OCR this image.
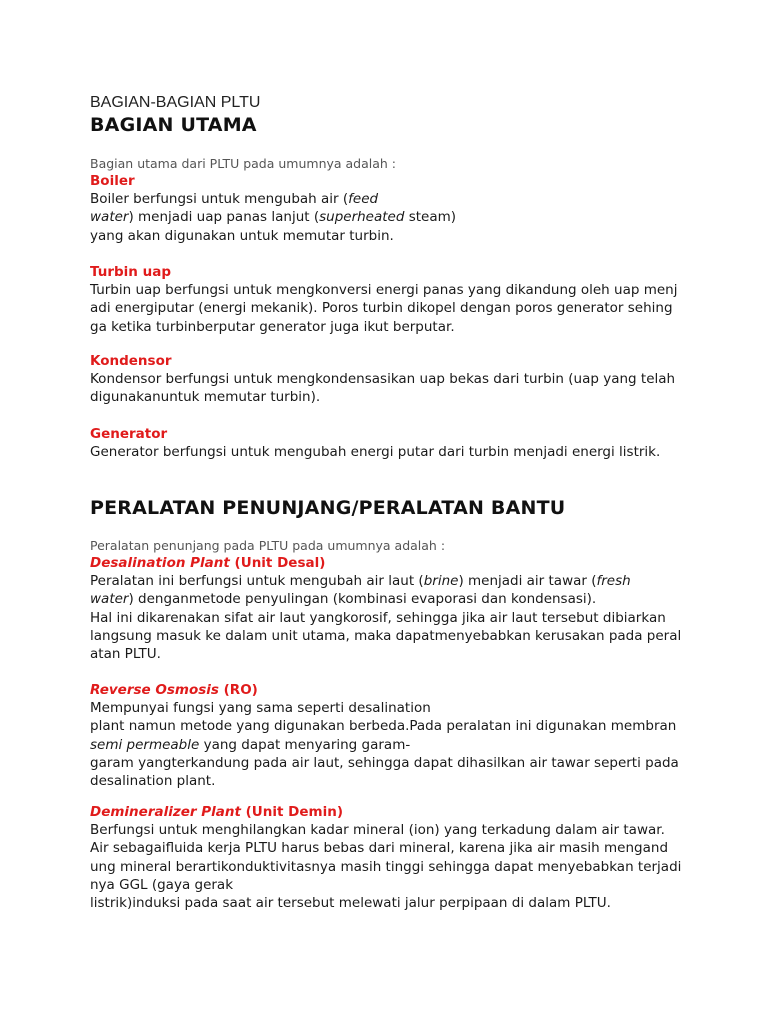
BAGIAN-BAGIAN PLTU

BAGIAN UTAMA

Bagian utama dari PLTU pada umumnya adalah :

Boiler

Boiler berfungsi untuk mengubah air (feed

water) menjadi uap panas lanjut (superheated steam)

yang akan digunakan untuk memutar turbin.

Turbin uap

Turbin uap berfungsi untuk mengkonversi energi panas yang dikandung oleh uap menj

adi energiputar (energi mekanik). Poros turbin dikopel dengan poros generator sehing

ga ketika turbinberputar generator juga ikut berputar.

Kondensor

Kondensor berfungsi untuk mengkondensasikan uap bekas dari turbin (uap yang telah

digunakanuntuk memutar turbin).

Generator

Generator berfungsi untuk mengubah energi putar dari turbin menjadi energi listrik.

PERALATAN PENUNJANG/PERALATAN BANTU

Peralatan penunjang pada PLTU pada umumnya adalah :

Desalination Plant (Unit Desal)

Peralatan ini berfungsi untuk mengubah air laut (brine) menjadi air tawar (fresh

water) denganmetode penyulingan (kombinasi evaporasi dan kondensasi).

Hal ini dikarenakan sifat air laut yangkorosif, sehingga jika air laut tersebut dibiarkan

langsung masuk ke dalam unit utama, maka dapatmenyebabkan kerusakan pada peral

atan PLTU.

Reverse Osmosis (RO)

Mempunyai fungsi yang sama seperti desalination

plant namun metode yang digunakan berbeda.Pada peralatan ini digunakan membran

semi permeable yang dapat menyaring garam-

garam yangterkandung pada air laut, sehingga dapat dihasilkan air tawar seperti pada

desalination plant.

Demineralizer Plant (Unit Demin)

Berfungsi untuk menghilangkan kadar mineral (ion) yang terkadung dalam air tawar.

Air sebagaifluida kerja PLTU harus bebas dari mineral, karena jika air masih mengand

ung mineral berartikonduktivitasnya masih tinggi sehingga dapat menyebabkan terjadi

nya GGL (gaya gerak

listrik)induksi pada saat air tersebut melewati jalur perpipaan di dalam PLTU.
